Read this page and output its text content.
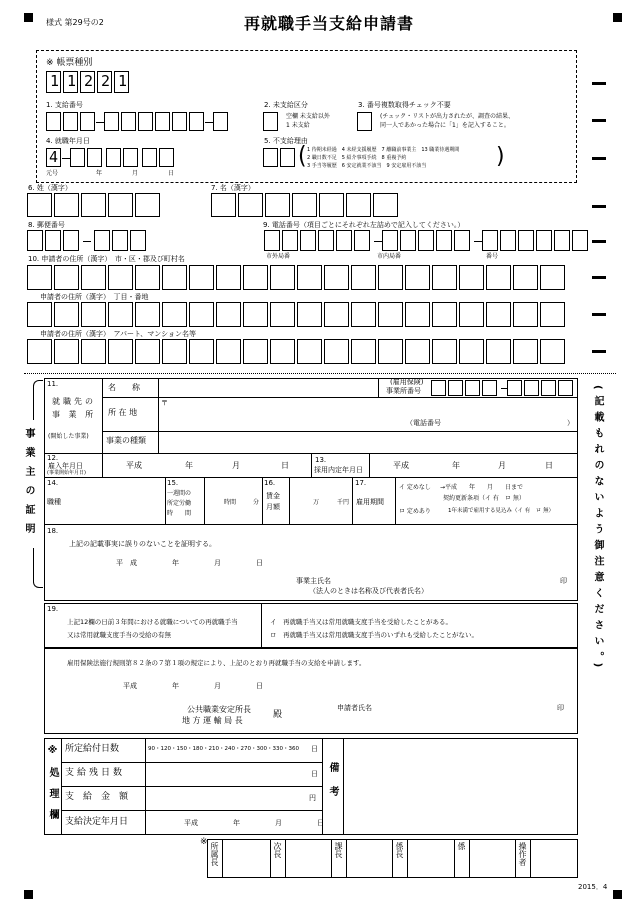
様式 第29号の2	再就職手当支給申請書
※ 帳票種別
1 1 2 2 1
1. 支給番号	2. 未支給区分
空欄 未支給以外
1 未支給
3. 番号複数取得チェック不要
(チェック・リストが出力されたが、調査の結果、
同一人であかった場合に「1」を記入すること。
4. 就職年月日
4
元号	年	月	日
5. 不支給理由
( 1 待期未経過　4 未経支援履歴　7 離職前事業主　13 職業待遇期間
2 職日数不足　5 紹介事項手続　8 重複予約
3 手当等履歴　6 安定就業不該当　9 安定雇用不該当	)
6. 姓（漢字）	7. 名（漢字）
8. 郵便番号	9. 電話番号（項目ごとにそれぞれ左詰めで記入してください。）
市外局番	市内局番	番号
10. 申請者の住所（漢字）　市・区・郡及び町村名
申請者の住所（漢字）　丁目・番地
申請者の住所（漢字）　アパート、マンション名等
事業主の証明
11.
就職先の
事 業 所
(開始した事業)
名　　称
(雇用保険)
事業所番号
所 在 地
〒
（電話番号	）
事業の種類
12.
雇入年月日
(事業開始年月日)
平成	年	月	日
13.
採用内定年月日	平成	年	月	日
14.
職種
15.
一週間の
所定労働
時　　間
時間	分
16.
賃金
月額
万	千円
17.
雇用期間
イ 定めなし →平成　　年　　月　　日まで
契約更新条項（イ 有　ロ 無）
ロ 定めあり	1年未満で雇用する見込み（イ 有　ロ 無）
18.
上記の記載事実に誤りのないことを証明する。
平　成　　　　　年　　　　　月　　　　　日
事業主氏名
（法人のときは名称及び代表者氏名）
印
19.
上記12欄の日前３年間における就職についての再就職手当
又は常用就職支度手当の受給の有無
イ　再就職手当又は常用就職支度手当を受給したことがある。
ロ　再就職手当又は常用就職支度手当のいずれも受給したことがない。
雇用保険法施行規則第８２条の７第１項の規定により、上記のとおり再就職手当の支給を申請します。
平成　　　　　年　　　　　月　　　　　日
公共職業安定所長
地 方 運 輸 局 長
殿
申請者氏名	印
(記載もれのないよう御注意ください。)
※処理欄 所定給付日数	90・120・150・180・210・240・270・300・330・360 日
支給残日数	日
支　給　金　額	円
支給決定年月日	平成　　　　　年　　　　　月　　　　　日
備考
※ 所属長	次長	課長	係長	係	操作者
2015．4
